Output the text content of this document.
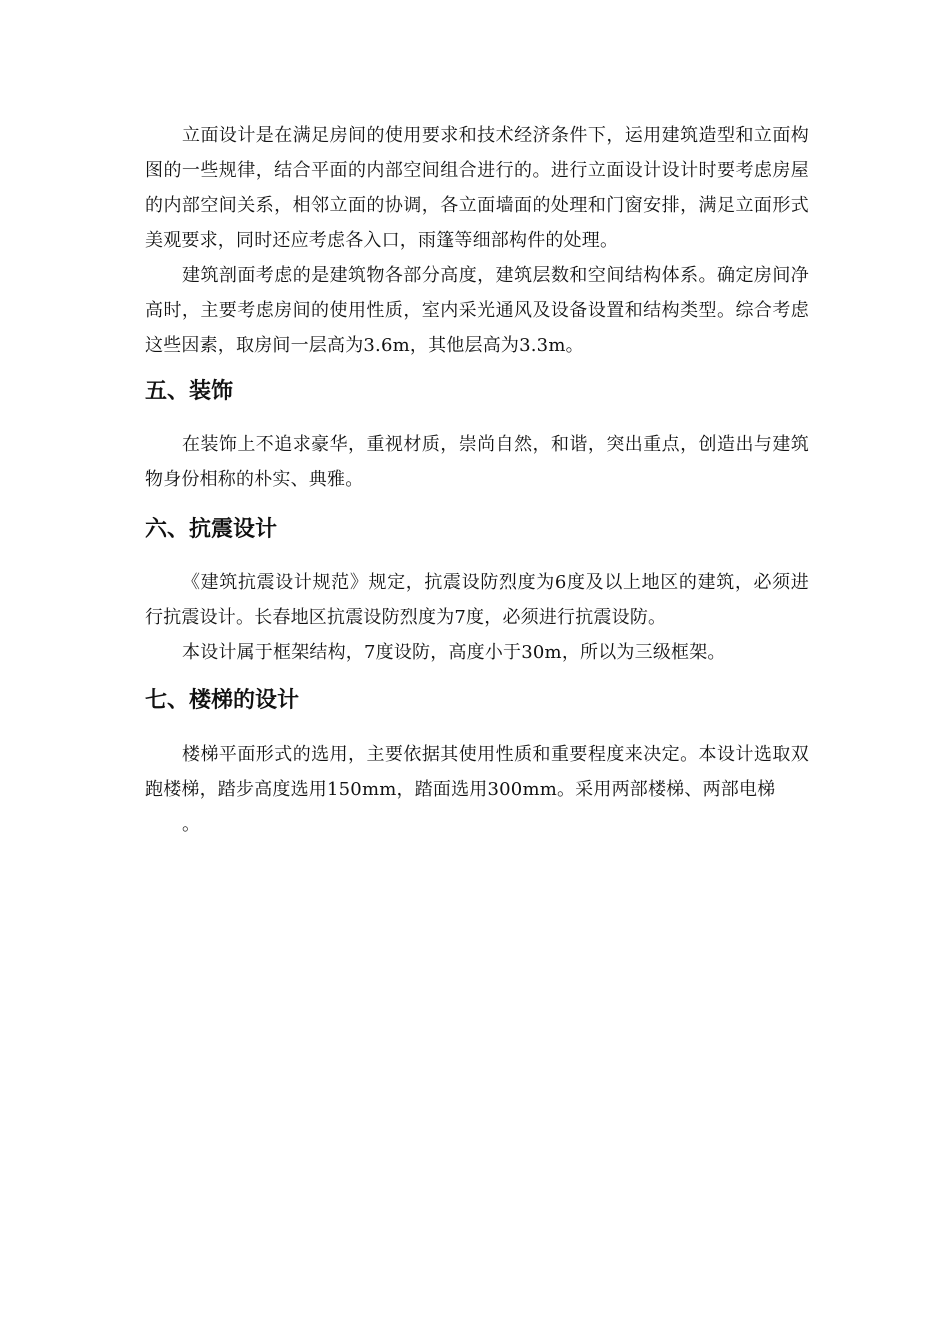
立面设计是在满足房间的使用要求和技术经济条件下，运用建筑造型和立面构图的一些规律，结合平面的内部空间组合进行的。进行立面设计设计时要考虑房屋的内部空间关系，相邻立面的协调，各立面墙面的处理和门窗安排，满足立面形式美观要求，同时还应考虑各入口，雨篷等细部构件的处理。

建筑剖面考虑的是建筑物各部分高度，建筑层数和空间结构体系。确定房间净高时，主要考虑房间的使用性质，室内采光通风及设备设置和结构类型。综合考虑这些因素，取房间一层高为3.6m，其他层高为3.3m。

五、装饰

在装饰上不追求豪华，重视材质，崇尚自然，和谐，突出重点，创造出与建筑物身份相称的朴实、典雅。

六、抗震设计

《建筑抗震设计规范》规定，抗震设防烈度为6度及以上地区的建筑，必须进行抗震设计。长春地区抗震设防烈度为7度，必须进行抗震设防。

本设计属于框架结构，7度设防，高度小于30m，所以为三级框架。

七、楼梯的设计

楼梯平面形式的选用，主要依据其使用性质和重要程度来决定。本设计选取双跑楼梯，踏步高度选用150mm，踏面选用300mm。采用两部楼梯、两部电梯
。
